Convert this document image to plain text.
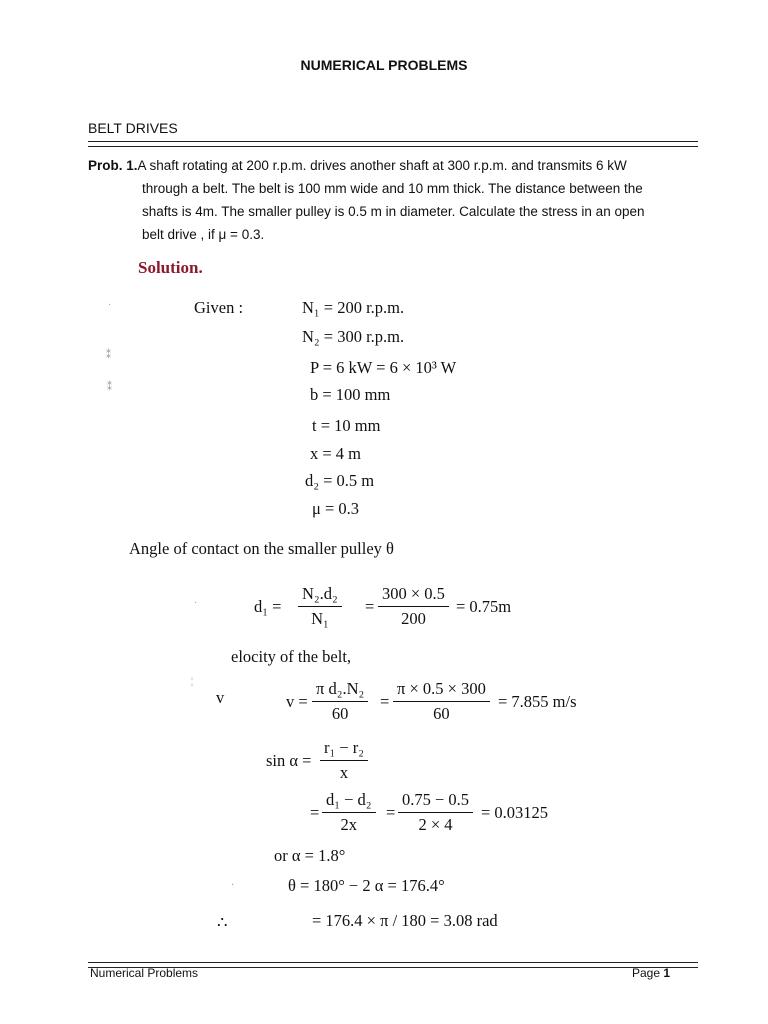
NUMERICAL PROBLEMS
BELT DRIVES
Prob. 1.A shaft rotating at 200 r.p.m. drives another shaft at 300 r.p.m. and transmits 6 kW
through a belt. The belt is 100 mm wide and 10 mm thick. The distance between the
shafts is 4m. The smaller pulley is 0.5 m in diameter. Calculate the stress in an open
belt drive , if μ = 0.3.
Solution.
Given :	N₁ = 200 r.p.m.
N₂ = 300 r.p.m.
P = 6 kW = 6 × 10³ W
b = 100 mm
t = 10 mm
x = 4 m
d₂ = 0.5 m
μ = 0.3
Angle of contact on the smaller pulley θ
$d_1 = \frac{\text{N₂.d₂}}{\text{N₁}} = \frac{300 \times 0.5}{200} = 0.75m$
elocity of the belt,
v	$v = \frac{\text{π d₂.N₂}}{60} = \frac{\pi \times 0.5 \times 300}{60} = 7.855$ m/s
$\sin \alpha = \frac{\text{r₁ − r₂}}{x}$
= $\frac{\text{d₁ − d₂}}{2x} = \frac{0.75 - 0.5}{2 \times 4} = 0.03125$
or α = 1.8°
θ = 180° − 2 α = 176.4°
∴	= 176.4 × π / 180 = 3.08 rad
·
⁑
⁑
·
¦
·
Numerical Problems	Page 1
